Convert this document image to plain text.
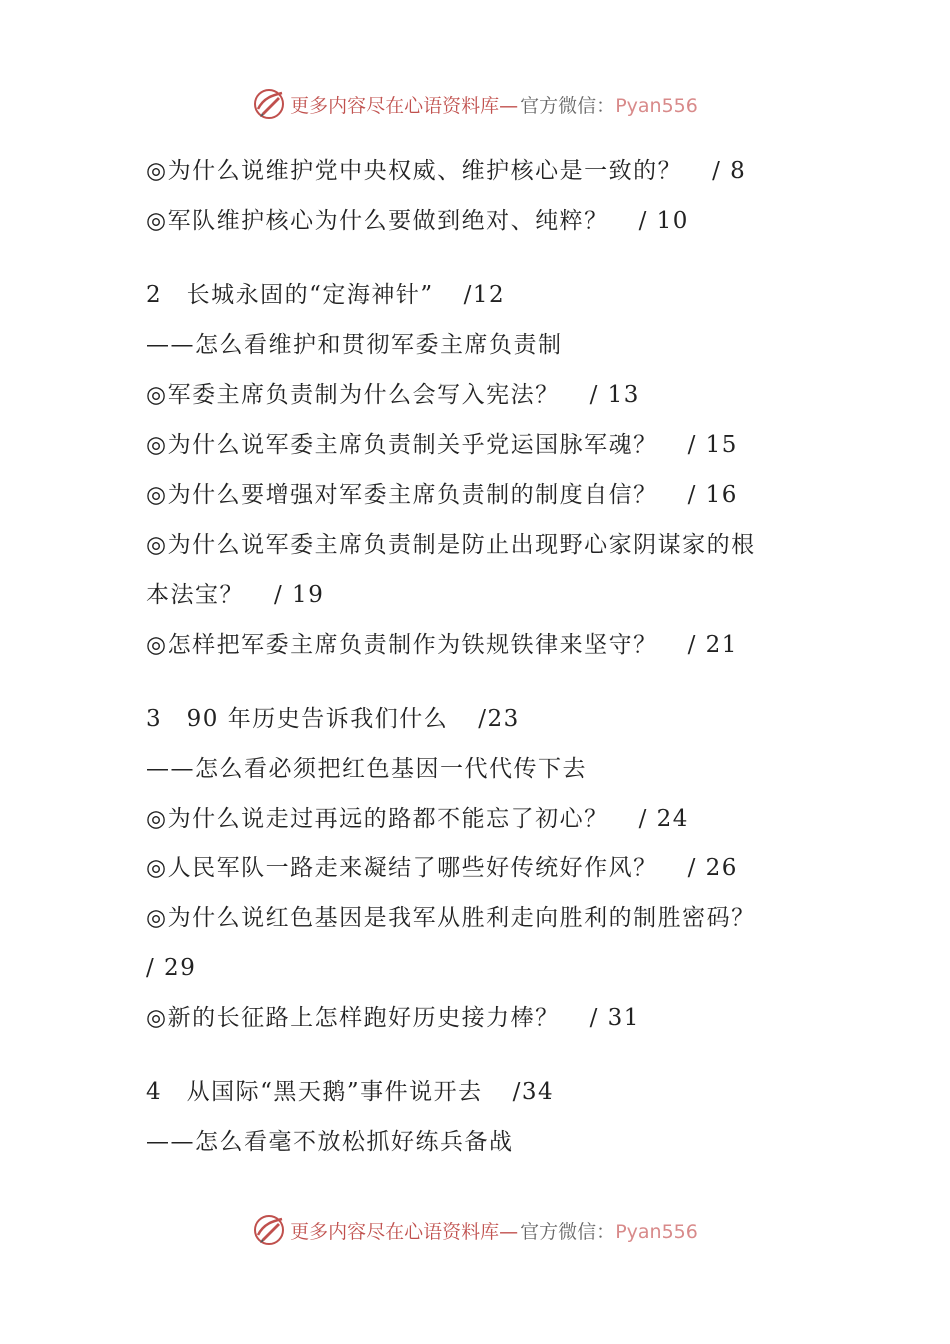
更多内容尽在心语资料库— 官方微信：Pyan556
◎为什么说维护党中央权威、维护核心是一致的？ / 8
◎军队维护核心为什么要做到绝对、纯粹？ / 10
2　长城永固的“定海神针” /12
——怎么看维护和贯彻军委主席负责制
◎军委主席负责制为什么会写入宪法？ / 13
◎为什么说军委主席负责制关乎党运国脉军魂？ / 15
◎为什么要增强对军委主席负责制的制度自信？ / 16
◎为什么说军委主席负责制是防止出现野心家阴谋家的根
本法宝？ / 19
◎怎样把军委主席负责制作为铁规铁律来坚守？ / 21
3　90 年历史告诉我们什么 /23
——怎么看必须把红色基因一代代传下去
◎为什么说走过再远的路都不能忘了初心？ / 24
◎人民军队一路走来凝结了哪些好传统好作风？ / 26
◎为什么说红色基因是我军从胜利走向胜利的制胜密码？
/ 29
◎新的长征路上怎样跑好历史接力棒？ / 31
4　从国际“黑天鹅”事件说开去 /34
——怎么看毫不放松抓好练兵备战
更多内容尽在心语资料库— 官方微信：Pyan556
